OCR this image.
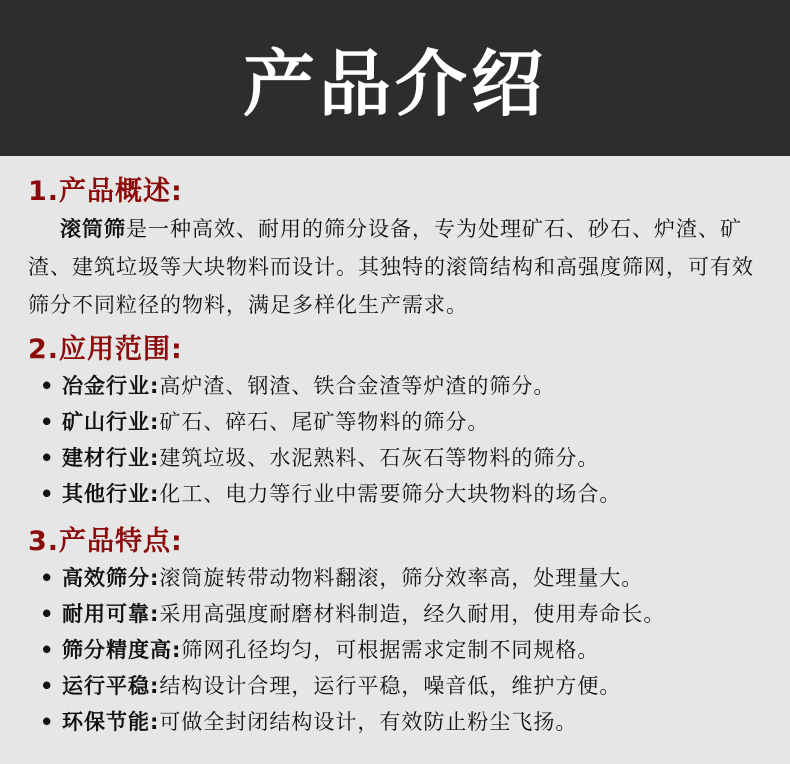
产品介绍
1.产品概述:
滚筒筛是一种高效、耐用的筛分设备，专为处理矿石、砂石、炉渣、矿渣、建筑垃圾等大块物料而设计。其独特的滚筒结构和高强度筛网，可有效筛分不同粒径的物料，满足多样化生产需求。
2.应用范围:
• 冶金行业:高炉渣、钢渣、铁合金渣等炉渣的筛分。
• 矿山行业:矿石、碎石、尾矿等物料的筛分。
• 建材行业:建筑垃圾、水泥熟料、石灰石等物料的筛分。
• 其他行业:化工、电力等行业中需要筛分大块物料的场合。
3.产品特点:
• 高效筛分:滚筒旋转带动物料翻滚，筛分效率高，处理量大。
• 耐用可靠:采用高强度耐磨材料制造，经久耐用，使用寿命长。
• 筛分精度高:筛网孔径均匀，可根据需求定制不同规格。
• 运行平稳:结构设计合理，运行平稳，噪音低，维护方便。
• 环保节能:可做全封闭结构设计，有效防止粉尘飞扬。
